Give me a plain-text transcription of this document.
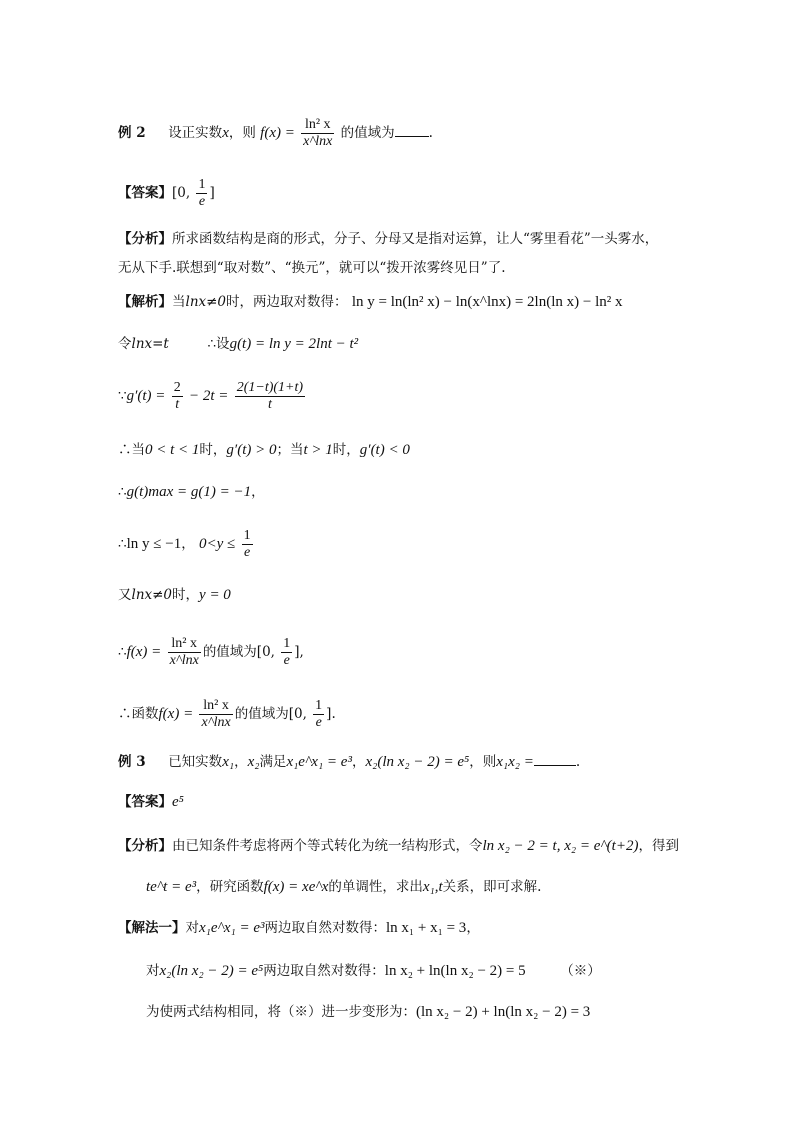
例 2 设正实数x，则 $f(x) = \frac{\text{ln² x}}{x\^{}\ln x}$ 的值域为	.
【答案】[0, $\frac{1}{e}$ ]
【分析】所求函数结构是商的形式，分子、分母又是指对运算，让人“雾里看花”一头雾水，
无从下手.联想到“取对数”、“换元”，就可以“拨开浓雾终见日”了.
【解析】当lnx≠0时，两边取对数得： ln y = ln(ln² x) − ln(x^lnx) = 2ln(ln x) − ln² x
令lnx=t	∴设g(t) = ln y = 2lnt − t²
∵g′(t) = $\frac{2}{t} - 2t = \frac{2(1-t)(1+t)}{t}$
∴当0 < t < 1时，g′(t) > 0；当t > 1时，g′(t) < 0
∴g(t)max = g(1) = −1，
∴ln y ≤ −1， $0<y \le \frac{1}{e}$
又lnx≠0时，y = 0
∴f(x) = $\frac{\text{ln² x}}{x\^{}\ln x}$ 的值域为[0, $\frac{1}{e}$ ],
∴函数$f(x) = \frac{\text{ln² x}}{x\^{}\ln x}$ 的值域为[0, $\frac{1}{e}$ ].
例 3 已知实数x₁，x₂满足x₁e^x₁ = e³，x₂(ln x₂ − 2) = e⁵，则x₁x₂ =	.
【答案】e⁵
【分析】由已知条件考虑将两个等式转化为统一结构形式，令ln x₂ − 2 = t, x₂ = e^(t+2)，得到
te^t = e³，研究函数f(x) = xe^x的单调性，求出x₁,t关系，即可求解.
【解法一】对x₁e^x₁ = e³两边取自然对数得：ln x₁ + x₁ = 3，
对x₂(ln x₂ − 2) = e⁵两边取自然对数得：ln x₂ + ln(ln x₂ − 2) = 5	（※）
为使两式结构相同，将（※）进一步变形为：(ln x₂ − 2) + ln(ln x₂ − 2) = 3
